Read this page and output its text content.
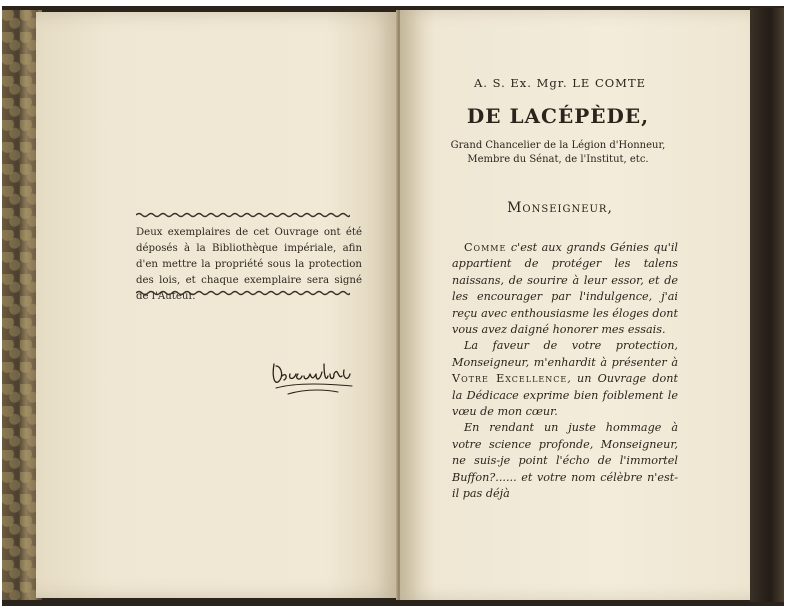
Deux exemplaires de cet Ouvrage ont été déposés à la Bibliothèque impériale, afin d'en mettre la propriété sous la protection des lois, et chaque exemplaire sera signé de l'Auteur.
A. S. Ex. Mgr. LE COMTE
DE LACÉPÈDE,
Grand Chancelier de la Légion d'Honneur,
Membre du Sénat, de l'Institut, etc.
Monseigneur,

Comme c'est aux grands Génies qu'il appartient de protéger les talens naissans, de sourire à leur essor, et de les encourager par l'indulgence, j'ai reçu avec enthousiasme les éloges dont vous avez daigné honorer mes essais.

La faveur de votre protection, Monseigneur, m'enhardit à présenter à Votre Excellence, un Ouvrage dont la Dédicace exprime bien foiblement le vœu de mon cœur.

En rendant un juste hommage à votre science profonde, Monseigneur, ne suis-je point l'écho de l'immortel Buffon?...... et votre nom célèbre n'est-il pas déjà
